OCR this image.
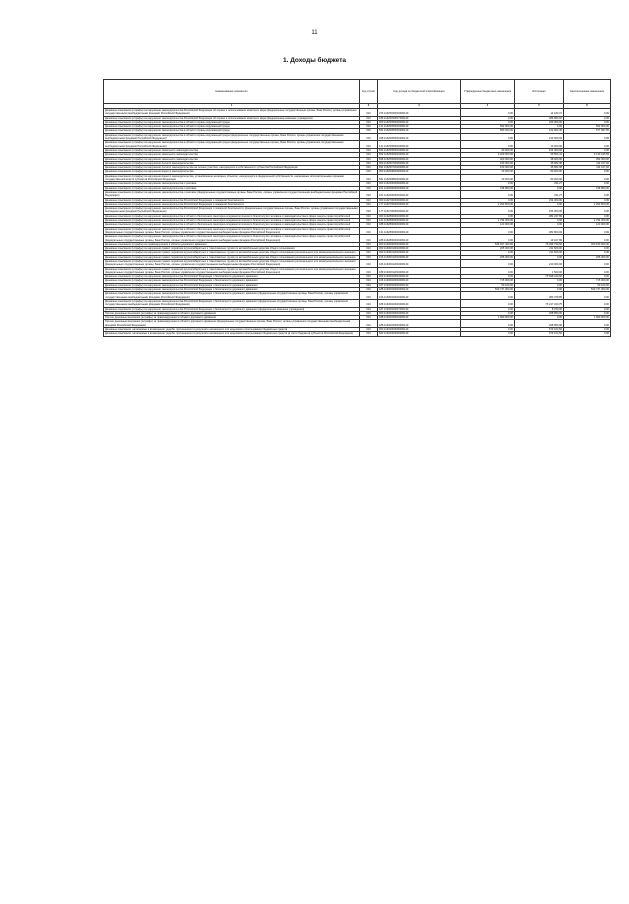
11
1. Доходы бюджета
Наименование показателя	Код строки	Код дохода по бюджетной классификации	Утвержденные бюджетные назначения	Исполнено	Неисполненные назначения
1	2	3	4	5	6
Денежные взыскания (штрафы) за нарушение законодательства Российской Федерации об охране и использовании животного мира (федеральные государственные органы, Банк России, органы управления государственными внебюджетными фондами Российской Федерации)	010	076 11625030016000140	0,00	14 184,37	0,00
Денежные взыскания (штрафы) за нарушение законодательства Российской Федерации об охране и использовании животного мира (федеральные казенные учреждения)	010	189 11625030017000140	0,00	486 860,02	0,00
Денежные взыскания (штрафы) за нарушение законодательства в области охраны окружающей среды	010	000 11625050000000140	0,00	223 000,00	0,00
Денежные взыскания (штрафы) за нарушение законодательства в области охраны окружающей среды	010	141 11625050016000140	562 000,00	0,00	562 000,00
Денежные взыскания (штрафы) за нарушение законодательства в области охраны окружающей среды	010	831 11625050016000140	800 000,00	122 002,45	677 997,55
Денежные взыскания (штрафы) за нарушение законодательства в области охраны окружающей среды (федеральные государственные органы, Банк России, органы управления государственными внебюджетными фондами Российской Федерации)	010	048 11625050016000140	0,00	213 000,00	0,00
Денежные взыскания (штрафы) за нарушение законодательства в области охраны окружающей среды (федеральные государственные органы, Банк России, органы управления государственными внебюджетными фондами Российской Федерации)	010	141 11625050016000140	0,00	10 000,00	0,00
Денежные взыскания (штрафы) за нарушение земельного законодательства	010	831 11625060016000140	90 000,00	104 000,00	0,00
Денежные взыскания (штрафы) за нарушение земельного законодательства	010	832 11625060016000140	3 200 000,00	69 564,41	3 130 435,59
Денежные взыскания (штрафы) за нарушение земельного законодательства	010	836 11625060016000140	400 000,00	48 000,00	352 000,00
Денежные взыскания (штрафы) за нарушение лесного законодательства	010	000 11625070000000140	150 000,00	35 982,08	114 017,92
Денежные взыскания (штрафы) за нарушение лесного законодательства на лесных участках, находящихся в собственности субъектов Российской Федерации	010	831 11625072020000140	150 000,00	35 982,08	114 017,92
Денежные взыскания (штрафы) за нарушение водного законодательства	010	000 11625080000000140	20 000,00	80 000,00	0,00
Денежные взыскания (штрафы) за нарушение водного законодательства, установленное на водных объектах, находящихся в федеральной собственности, налагаемые исполнительными органами государственной власти субъектов Российской Федерации	010	831 11625086020000140	20 000,00	80 000,00	0,00
Денежные взыскания (штрафы) за нарушение законодательства о рекламе	010	000 11626000000000140	0,00	231,27	0,00
Денежные взыскания (штрафы) за нарушение законодательства о рекламе	010	161 11626000016000140	198 800,00	0,00	198 800,00
Денежные взыскания (штрафы) за нарушение законодательства о рекламе (федеральные государственные органы, Банк России, органы управления государственными внебюджетными фондами Российской Федерации)	010	161 11626000016000140	0,00	231,27	0,00
Денежные взыскания (штрафы) за нарушение законодательства Российской Федерации о пожарной безопасности	010	000 11627000000000140	0,00	154 000,00	0,00
Денежные взыскания (штрафы) за нарушение законодательства Российской Федерации о пожарной безопасности	010	177 11627000016000140	1 253 800,00	0,00	1 253 800,00
Денежные взыскания (штрафы) за нарушение законодательства Российской Федерации о пожарной безопасности (федеральные государственные органы, Банк России, органы управления государственными внебюджетными фондами Российской Федерации)	010	177 11627000016000140	0,00	154 000,00	0,00
Денежные взыскания (штрафы) за нарушение законодательства в области обеспечения санитарно-эпидемиологического благополучия человека и законодательства в сфере защиты прав потребителей	010	000 11628000010000140	0,00	382 247,89	0,00
Денежные взыскания (штрафы) за нарушение законодательства в области обеспечения санитарно-эпидемиологического благополучия человека и законодательства в сфере защиты прав потребителей	010	141 11628000016000140	1 794 000,00	0,00	1 794 000,00
Денежные взыскания (штрафы) за нарушение законодательства в области обеспечения санитарно-эпидемиологического благополучия человека и законодательства в сфере защиты прав потребителей	010	188 11628000016000140	120 000,00	0,00	120 000,00
Денежные взыскания (штрафы) за нарушение законодательства в области обеспечения санитарно-эпидемиологического благополучия человека и законодательства в сфере защиты прав потребителей (федеральные государственные органы, Банк России, органы управления государственными внебюджетными фондами Российской Федерации)	010	141 11628000016000140	0,00	382 800,00	0,00
Денежные взыскания (штрафы) за нарушение законодательства в области обеспечения санитарно-эпидемиологического благополучия человека и законодательства в сфере защиты прав потребителей (федеральные государственные органы, Банк России, органы управления государственными внебюджетными фондами Российской Федерации)	010	188 11628000016000140	0,00	19 447,89	0,00
Денежные взыскания (штрафы) за правонарушения в области дорожного движения	010	000 11630000010000140	536 607 400,00	76 099 799,60	460 540 900,40
Денежные взыскания (штрафы) за нарушение правил перевозки крупногабаритных и тяжеловесных грузов по автомобильным дорогам общего пользования	010	000 11630010010000140	205 000,00	211 500,00	0,00
Денежные взыскания (штрафы) за нарушение правил перевозки крупногабаритных и тяжеловесных грузов по автомобильным дорогам общего пользования регионального или межмуниципального значения	010	000 11630012010000140	0,00	211 500,00	0,00
Денежные взыскания (штрафы) за нарушение правил перевозки крупногабаритных и тяжеловесных грузов по автомобильным дорогам общего пользования регионального или межмуниципального значения	010	106 11630012010000140	205 000,00	0,00	205 000,00
Денежные взыскания (штрафы) за нарушение правил перевозки крупногабаритных и тяжеловесных грузов по автомобильным дорогам общего пользования регионального или межмуниципального значения (федеральные государственные органы, Банк России, органы управления государственными внебюджетными фондами Российской Федерации)	010	106 11630012016000140	0,00	210 000,00	0,00
Денежные взыскания (штрафы) за нарушение правил перевозки крупногабаритных и тяжеловесных грузов по автомобильным дорогам общего пользования регионального или межмуниципального значения (федеральные государственные органы, Банк России, органы управления государственными внебюджетными фондами Российской Федерации)	010	188 11630012016000140	0,00	1 500,00	0,00
Денежные взыскания (штрафы) за нарушение законодательства Российской Федерации о безопасности дорожного движения	010	000 11630020010000140	0,00	75 598 449,60	0,00
Денежные взыскания (штрафы) за нарушение законодательства Российской Федерации о безопасности дорожного движения	010	106 11630020016000140	715 000,00	0,00	715 000,00
Денежные взыскания (штрафы) за нарушение законодательства Российской Федерации о безопасности дорожного движения	010	187 11630020016000140	50 100,00	0,00	50 100,00
Денежные взыскания (штрафы) за нарушение законодательства Российской Федерации о безопасности дорожного движения	010	188 11630020016000140	533 737 300,00	0,00	533 737 300,00
Денежные взыскания (штрафы) за нарушение законодательства Российской Федерации о безопасности дорожного движения (федеральные государственные органы, Банк России, органы управления государственными внебюджетными фондами Российской Федерации)	010	106 11630020016000140	0,00	380 378,85	0,00
Денежные взыскания (штрафы) за нарушение законодательства Российской Федерации о безопасности дорожного движения (федеральные государственные органы, Банк России, органы управления государственными внебюджетными фондами Российской Федерации)	010	188 11630020016000140	0,00	75 217 320,75	0,00
Денежные взыскания (штрафы) за нарушение законодательства Российской Федерации о безопасности дорожного движения (федеральные казенные учреждения)	010	187 11630020017000140	0,00	8 750,00	0,00
Прочие денежные взыскания (штрафы) за правонарушения в области дорожного движения	010	000 11630030010000140	0,00	268 850,00	0,00
Прочие денежные взыскания (штрафы) за правонарушения в области дорожного движения	010	188 11630030016000140	1 900 000,00	0,00	1 900 000,00
Прочие денежные взыскания (штрафы) за правонарушения в области дорожного движения (федеральные государственные органы, Банк России, органы управления государственными внебюджетными фондами Российской Федерации)	010	188 11630030016000140	0,00	268 850,00	0,00
Денежные взыскания, налагаемые в возмещение ущерба, причиненного в результате незаконного или нецелевого использования бюджетных средств	010	000 11632000000000140	0,00	679 164,50	0,00
Денежные взыскания, налагаемые в возмещение ущерба, причиненного в результате незаконного или нецелевого использования бюджетных средств (в части бюджетов субъектов Российской Федерации)	010	842 11632000020000140	0,00	679 164,50	0,00
